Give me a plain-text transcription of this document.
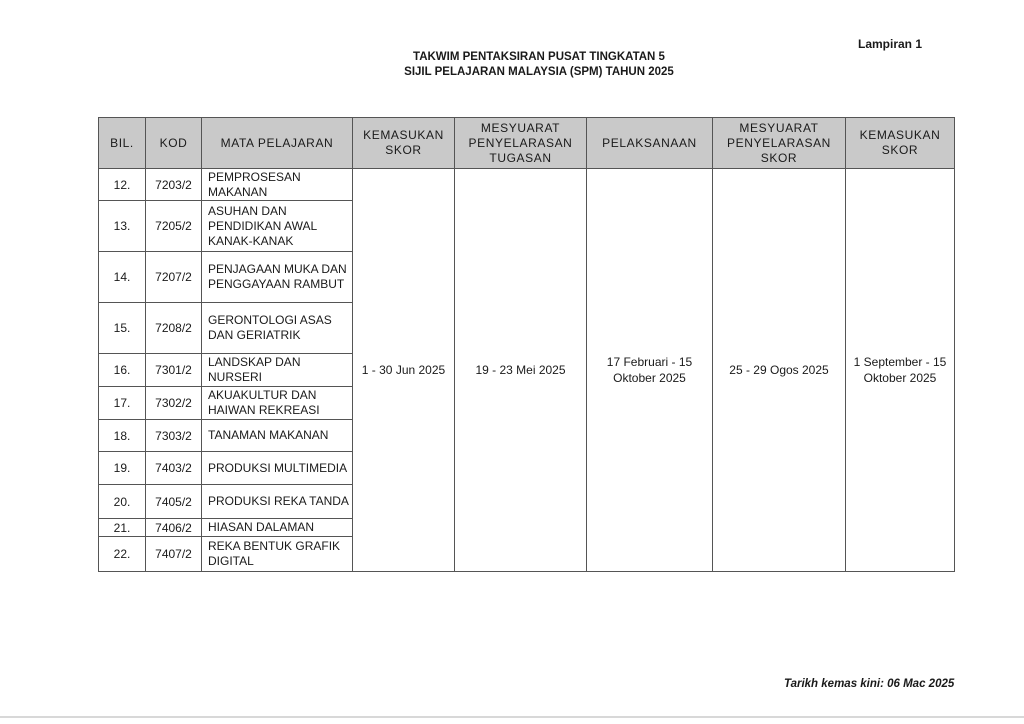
Lampiran 1
TAKWIM PENTAKSIRAN PUSAT TINGKATAN 5
SIJIL PELAJARAN MALAYSIA (SPM) TAHUN 2025
BIL.	KOD	MATA PELAJARAN	KEMASUKAN SKOR	MESYUARAT PENYELARASAN TUGASAN	PELAKSANAAN	MESYUARAT PENYELARASAN SKOR	KEMASUKAN SKOR
12.	7203/2	PEMPROSESAN MAKANAN	1 - 30 Jun 2025	19 - 23 Mei 2025	17 Februari - 15 Oktober 2025	25 - 29 Ogos 2025	1 September - 15 Oktober 2025
13.	7205/2	ASUHAN DAN PENDIDIKAN AWAL KANAK-KANAK					
14.	7207/2	PENJAGAAN MUKA DAN PENGGAYAAN RAMBUT					
15.	7208/2	GERONTOLOGI ASAS DAN GERIATRIK					
16.	7301/2	LANDSKAP DAN NURSERI					
17.	7302/2	AKUAKULTUR DAN HAIWAN REKREASI					
18.	7303/2	TANAMAN MAKANAN					
19.	7403/2	PRODUKSI MULTIMEDIA					
20.	7405/2	PRODUKSI REKA TANDA					
21.	7406/2	HIASAN DALAMAN					
22.	7407/2	REKA BENTUK GRAFIK DIGITAL					
Tarikh kemas kini: 06 Mac 2025
